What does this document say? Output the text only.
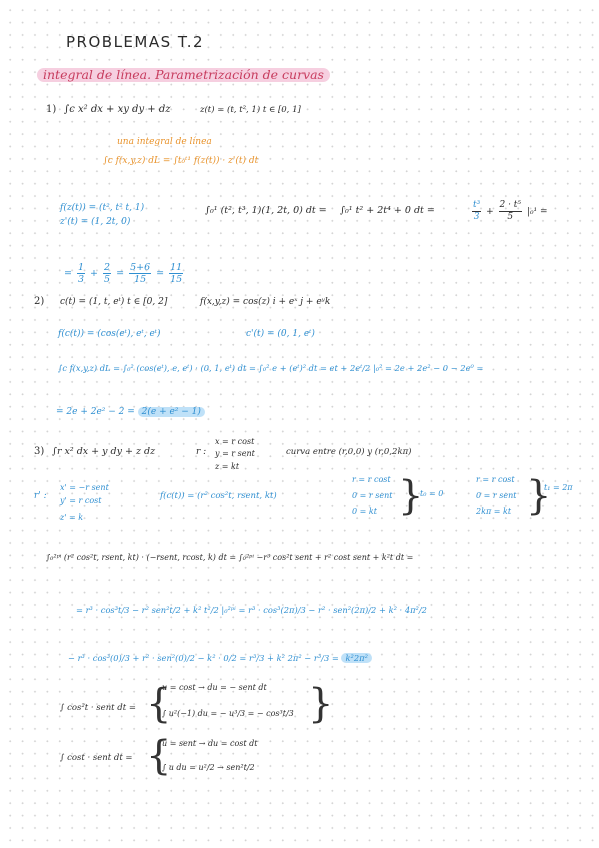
PROBLEMAS T.2
integral de línea. Parametrización de curvas
1) ∫c x² dx + xy dy + dz	z(t) = (t, t², 1) t ∈ [0, 1]
una integral de línea
∫c f(x,y,z) dL = ∫t₀ᵗ¹ f(z(t)) · z'(t) dt
f(z(t)) = (t², t² t, 1)
z'(t) = (1, 2t, 0)
∫₀¹ (t², t³, 1)(1, 2t, 0) dt = ∫₀¹ t² + 2t⁴ + 0 dt =	$\frac{\text{t³}}{3} + \frac{\text{2 · t⁵}}{5} |_0^1$ =
= $\frac{1}{3} + \frac{2}{5} = \frac{5+6}{15} = \frac{11}{15}$
2) c(t) = (1, t, eᵗ) t ∈ [0, 2]	f(x,y,z) = cos(z) i + eˣ j + eʸk
f(c(t)) = (cos(eᵗ), eᵗ, eᵗ)	c'(t) = (0, 1, eᵗ)
∫c f(x,y,z) dL = ∫₀² (cos(eᵗ), e, eᵗ) · (0, 1, eᵗ) dt = ∫₀² e + (eᵗ)² dt = et + 2eᵗ/2 |₀² = 2e + 2e² − 0 − 2e⁰ =
= 2e + 2e² − 2 = 2(e + e² − 1)
3) ∫r x² dx + y dy + z dz	r :
x = r cost
y = r sent
z = kt
curva entre (r,0,0) y (r,0,2kπ)
r' :
x' = −r sent
y' = r cost
z' = k
f(c(t)) = (r² cos²t, rsent, kt)
r = r cost
0 = r sent
0 = kt }
t₀ = 0
r = r cost
0 = r sent
2kπ = kt }
t₁ = 2π
∫₀²ᵖⁱ (r² cos²t, rsent, kt) · (−rsent, rcost, k) dt = ∫₀²ᵖⁱ −r³ cos²t sent + r² cost sent + k²t dt =
= r³ · cos³t/3 − r² sen²t/2 + k² t²/2 |₀²ᵖⁱ = r³ · cos³(2π)/3 − r² · sen²(2π)/2 + k² · 4π²/2
− r³ · cos³(0)/3 + r² · sen²(0)/2 − k² · 0/2 = r³/3 + k² 2π² − r³/3 = k²2π²
∫ cos²t · sent dt = {
u = cost → du = − sent dt
∫ u²(−1) du = − u³/3 = − cos³t/3 }
∫ cost · sent dt = {
u = sent → du = cost dt
∫ u du = u²/2 → sen²t/2
